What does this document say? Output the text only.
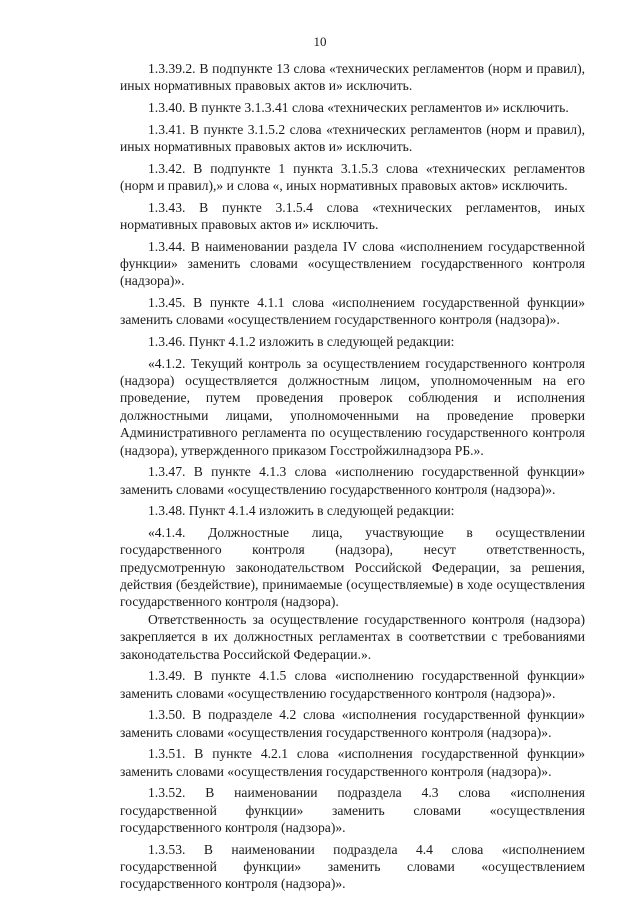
10

1.3.39.2. В подпункте 13 слова «технических регламентов (норм и правил), иных нормативных правовых актов и» исключить.

1.3.40. В пункте 3.1.3.41 слова «технических регламентов и» исключить.

1.3.41. В пункте 3.1.5.2 слова «технических регламентов (норм и правил), иных нормативных правовых актов и» исключить.

1.3.42. В подпункте 1 пункта 3.1.5.3 слова «технических регламентов (норм и правил),» и слова «, иных нормативных правовых актов» исключить.

1.3.43. В пункте 3.1.5.4 слова «технических регламентов, иных нормативных правовых актов и» исключить.

1.3.44. В наименовании раздела IV слова «исполнением государственной функции» заменить словами «осуществлением государственного контроля (надзора)».

1.3.45. В пункте 4.1.1 слова «исполнением государственной функции» заменить словами «осуществлением государственного контроля (надзора)».

1.3.46. Пункт 4.1.2 изложить в следующей редакции:

«4.1.2. Текущий контроль за осуществлением государственного контроля (надзора) осуществляется должностным лицом, уполномоченным на его проведение, путем проведения проверок соблюдения и исполнения должностными лицами, уполномоченными на проведение проверки Административного регламента по осуществлению государственного контроля (надзора), утвержденного приказом Госстройжилнадзора РБ.».

1.3.47. В пункте 4.1.3 слова «исполнению государственной функции» заменить словами «осуществлению государственного контроля (надзора)».

1.3.48. Пункт 4.1.4 изложить в следующей редакции:

«4.1.4. Должностные лица, участвующие в осуществлении государственного контроля (надзора), несут ответственность, предусмотренную законодательством Российской Федерации, за решения, действия (бездействие), принимаемые (осуществляемые) в ходе осуществления государственного контроля (надзора).

Ответственность за осуществление государственного контроля (надзора) закрепляется в их должностных регламентах в соответствии с требованиями законодательства Российской Федерации.».

1.3.49. В пункте 4.1.5 слова «исполнению государственной функции» заменить словами «осуществлению государственного контроля (надзора)».

1.3.50. В подразделе 4.2 слова «исполнения государственной функции» заменить словами «осуществления государственного контроля (надзора)».

1.3.51. В пункте 4.2.1 слова «исполнения государственной функции» заменить словами «осуществления государственного контроля (надзора)».

1.3.52. В наименовании подраздела 4.3 слова «исполнения государственной функции» заменить словами «осуществления государственного контроля (надзора)».

1.3.53. В наименовании подраздела 4.4 слова «исполнением государственной функции» заменить словами «осуществлением государственного контроля (надзора)».
